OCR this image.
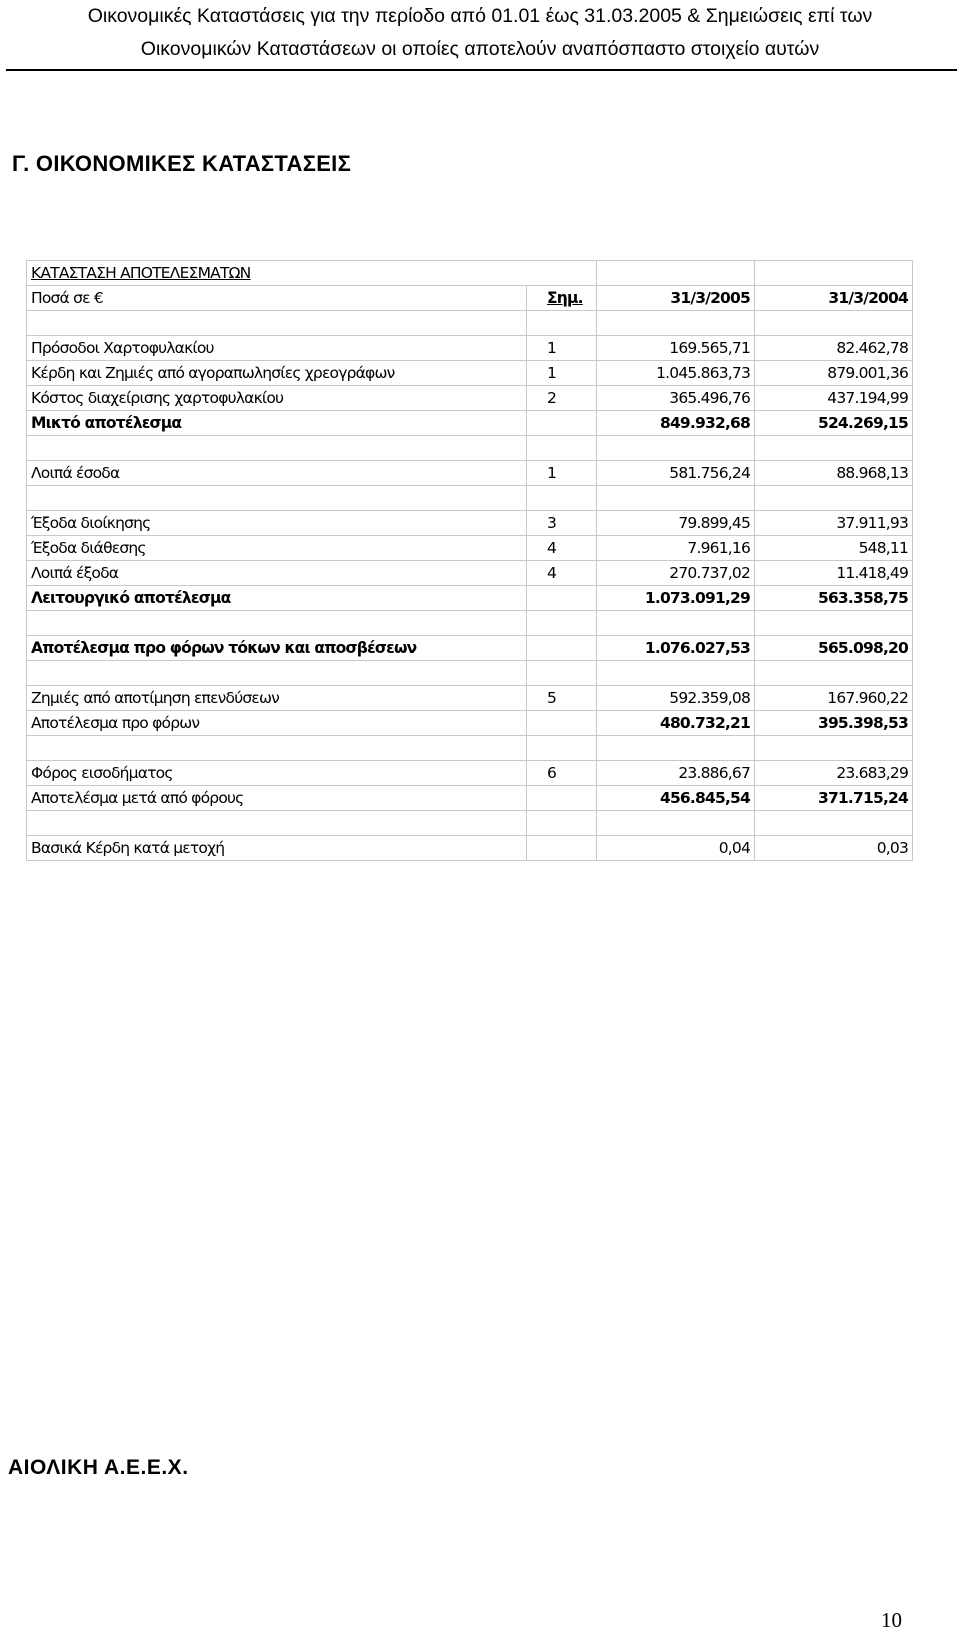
Οικονομικές Καταστάσεις για την περίοδο από 01.01 έως 31.03.2005 & Σημειώσεις επί των
Οικονομικών Καταστάσεων οι οποίες αποτελούν αναπόσπαστο στοιχείο αυτών
Γ. ΟΙΚΟΝΟΜΙΚΕΣ ΚΑΤΑΣΤΑΣΕΙΣ
ΚΑΤΑΣΤΑΣΗ ΑΠΟΤΕΛΕΣΜΑΤΩΝ			
Ποσά σε €	Σημ.	31/3/2005	31/3/2004

Πρόσοδοι Χαρτοφυλακίου	1	169.565,71	82.462,78
Κέρδη και Ζημιές από αγοραπωλησίες χρεογράφων	1	1.045.863,73	879.001,36
Κόστος διαχείρισης χαρτοφυλακίου	2	365.496,76	437.194,99
Μικτό αποτέλεσμα		849.932,68	524.269,15

Λοιπά έσοδα	1	581.756,24	88.968,13

Έξοδα διοίκησης	3	79.899,45	37.911,93
Έξοδα διάθεσης	4	7.961,16	548,11
Λοιπά έξοδα	4	270.737,02	11.418,49
Λειτουργικό αποτέλεσμα		1.073.091,29	563.358,75

Αποτέλεσμα προ φόρων τόκων και αποσβέσεων		1.076.027,53	565.098,20

Ζημιές από αποτίμηση επενδύσεων	5	592.359,08	167.960,22
Αποτέλεσμα προ φόρων		480.732,21	395.398,53

Φόρος εισοδήματος	6	23.886,67	23.683,29
Αποτελέσμα μετά από φόρους		456.845,54	371.715,24

Βασικά Κέρδη κατά μετοχή		0,04	0,03
ΑΙΟΛΙΚΗ Α.Ε.Ε.Χ.
10
